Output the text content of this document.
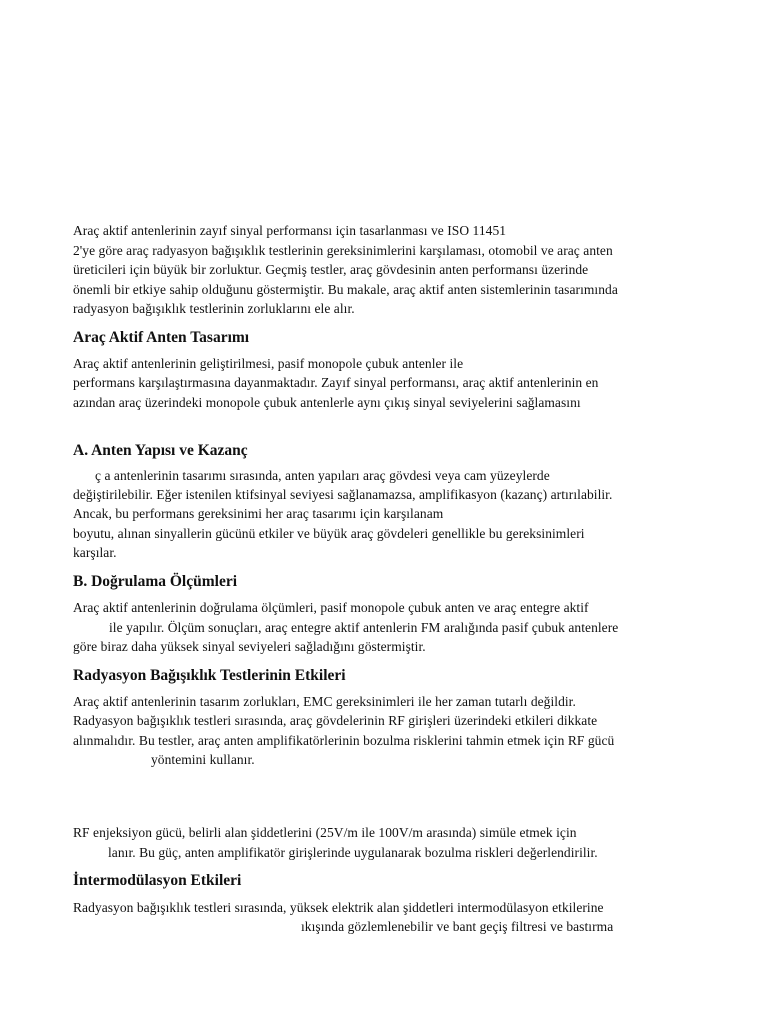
Araç aktif antenlerinin zayıf sinyal performansı için tasarlanması ve ISO 11451
2'ye göre araç radyasyon bağışıklık testlerinin gereksinimlerini karşılaması, otomobil ve araç anten
üreticileri için büyük bir zorluktur. Geçmiş testler, araç gövdesinin anten performansı üzerinde
önemli bir etkiye sahip olduğunu göstermiştir. Bu makale, araç aktif anten sistemlerinin tasarımında
radyasyon bağışıklık testlerinin zorluklarını ele alır.
Araç Aktif Anten Tasarımı
Araç aktif antenlerinin geliştirilmesi, pasif monopole çubuk antenler ile
performans karşılaştırmasına dayanmaktadır. Zayıf sinyal performansı, araç aktif antenlerinin en
azından araç üzerindeki monopole çubuk antenlerle aynı çıkış sinyal seviyelerini sağlamasını
A. Anten Yapısı ve Kazanç
ç a antenlerinin tasarımı sırasında, anten yapıları araç gövdesi veya cam yüzeylerde
değiştirilebilir. Eğer istenilen ktifsinyal seviyesi sağlanamazsa, amplifikasyon (kazanç) artırılabilir.
Ancak, bu performans gereksinimi her araç tasarımı için karşılanam
boyutu, alınan sinyallerin gücünü etkiler ve büyük araç gövdeleri genellikle bu gereksinimleri
karşılar.
B. Doğrulama Ölçümleri
Araç aktif antenlerinin doğrulama ölçümleri, pasif monopole çubuk anten ve araç entegre aktif
ile yapılır. Ölçüm sonuçları, araç entegre aktif antenlerin FM aralığında pasif çubuk antenlere
göre biraz daha yüksek sinyal seviyeleri sağladığını göstermiştir.
Radyasyon Bağışıklık Testlerinin Etkileri
Araç aktif antenlerinin tasarım zorlukları, EMC gereksinimleri ile her zaman tutarlı değildir.
Radyasyon bağışıklık testleri sırasında, araç gövdelerinin RF girişleri üzerindeki etkileri dikkate
alınmalıdır. Bu testler, araç anten amplifikatörlerinin bozulma risklerini tahmin etmek için RF gücü
yöntemini kullanır.
RF enjeksiyon gücü, belirli alan şiddetlerini (25V/m ile 100V/m arasında) simüle etmek için
lanır. Bu güç, anten amplifikatör girişlerinde uygulanarak bozulma riskleri değerlendirilir.
İntermodülasyon Etkileri
Radyasyon bağışıklık testleri sırasında, yüksek elektrik alan şiddetleri intermodülasyon etkilerine
ıkışında gözlemlenebilir ve bant geçiş filtresi ve bastırma
